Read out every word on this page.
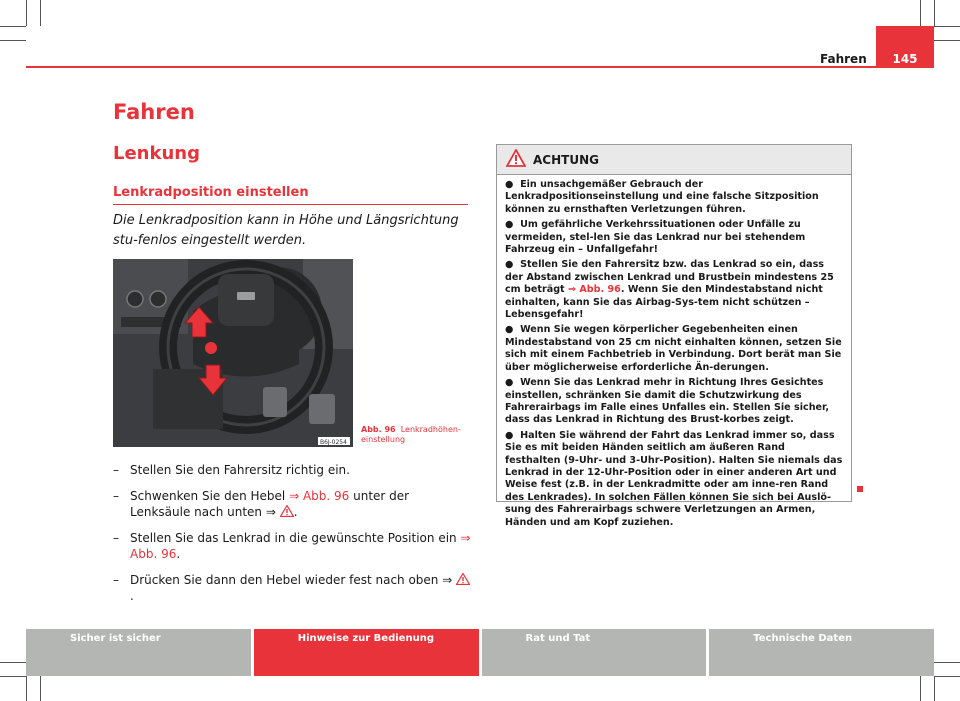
Fahren	145
Fahren
Lenkung
Lenkradposition einstellen
Die Lenkradposition kann in Höhe und Längsrichtung stu-fenlos eingestellt werden.
B6J-0254
Abb. 96 Lenkradhöhen-einstellung
– Stellen Sie den Fahrersitz richtig ein.
– Schwenken Sie den Hebel ⇒ Abb. 96 unter der Lenksäule nach unten ⇒ .
– Stellen Sie das Lenkrad in die gewünschte Position ein ⇒ Abb. 96.
– Drücken Sie dann den Hebel wieder fest nach oben ⇒ .
ACHTUNG

● Ein unsachgemäßer Gebrauch der Lenkradpositionseinstellung und eine falsche Sitzposition können zu ernsthaften Verletzungen führen.

● Um gefährliche Verkehrssituationen oder Unfälle zu vermeiden, stel-len Sie das Lenkrad nur bei stehendem Fahrzeug ein – Unfallgefahr!

● Stellen Sie den Fahrersitz bzw. das Lenkrad so ein, dass der Abstand zwischen Lenkrad und Brustbein mindestens 25 cm beträgt ⇒ Abb. 96. Wenn Sie den Mindestabstand nicht einhalten, kann Sie das Airbag-Sys-tem nicht schützen – Lebensgefahr!

● Wenn Sie wegen körperlicher Gegebenheiten einen Mindestabstand von 25 cm nicht einhalten können, setzen Sie sich mit einem Fachbetrieb in Verbindung. Dort berät man Sie über möglicherweise erforderliche Än-derungen.

● Wenn Sie das Lenkrad mehr in Richtung Ihres Gesichtes einstellen, schränken Sie damit die Schutzwirkung des Fahrerairbags im Falle eines Unfalles ein. Stellen Sie sicher, dass das Lenkrad in Richtung des Brust-korbes zeigt.

● Halten Sie während der Fahrt das Lenkrad immer so, dass Sie es mit beiden Händen seitlich am äußeren Rand festhalten (9-Uhr- und 3-Uhr-Position). Halten Sie niemals das Lenkrad in der 12-Uhr-Position oder in einer anderen Art und Weise fest (z.B. in der Lenkradmitte oder am inne-ren Rand des Lenkrades). In solchen Fällen können Sie sich bei Auslö-sung des Fahrerairbags schwere Verletzungen an Armen, Händen und am Kopf zuziehen.

Sicher ist sicher	Hinweise zur Bedienung	Rat und Tat	Technische Daten
